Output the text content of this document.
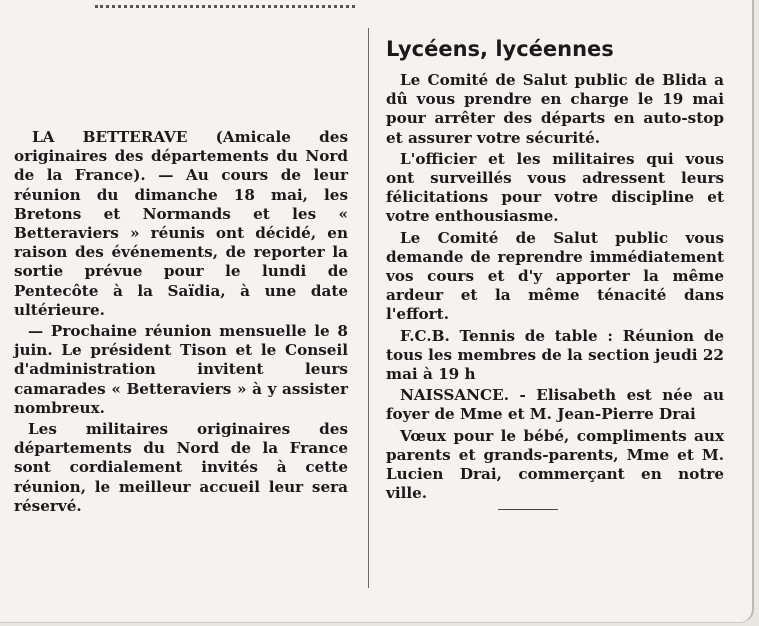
LA BETTERAVE (Amicale des originaires des départements du Nord de la France). — Au cours de leur réunion du dimanche 18 mai, les Bretons et Normands et les « Betteraviers » réunis ont décidé, en raison des événements, de reporter la sortie prévue pour le lundi de Pentecôte à la Saïdia, à une date ultérieure.

— Prochaine réunion mensuelle le 8 juin. Le président Tison et le Conseil d'administration invitent leurs camarades « Betteraviers » à y assister nombreux.

Les militaires originaires des départements du Nord de la France sont cordialement invités à cette réunion, le meilleur accueil leur sera réservé.

Lycéens, lycéennes

Le Comité de Salut public de Blida a dû vous prendre en charge le 19 mai pour arrêter des départs en auto-stop et assurer votre sécurité.

L'officier et les militaires qui vous ont surveillés vous adressent leurs félicitations pour votre discipline et votre enthousiasme.

Le Comité de Salut public vous demande de reprendre immédiatement vos cours et d'y apporter la même ardeur et la même ténacité dans l'effort.

F.C.B. Tennis de table : Réunion de tous les membres de la section jeudi 22 mai à 19 h

NAISSANCE. - Elisabeth est née au foyer de Mme et M. Jean-Pierre Drai

Vœux pour le bébé, compliments aux parents et grands-parents, Mme et M. Lucien Drai, commerçant en notre ville.
